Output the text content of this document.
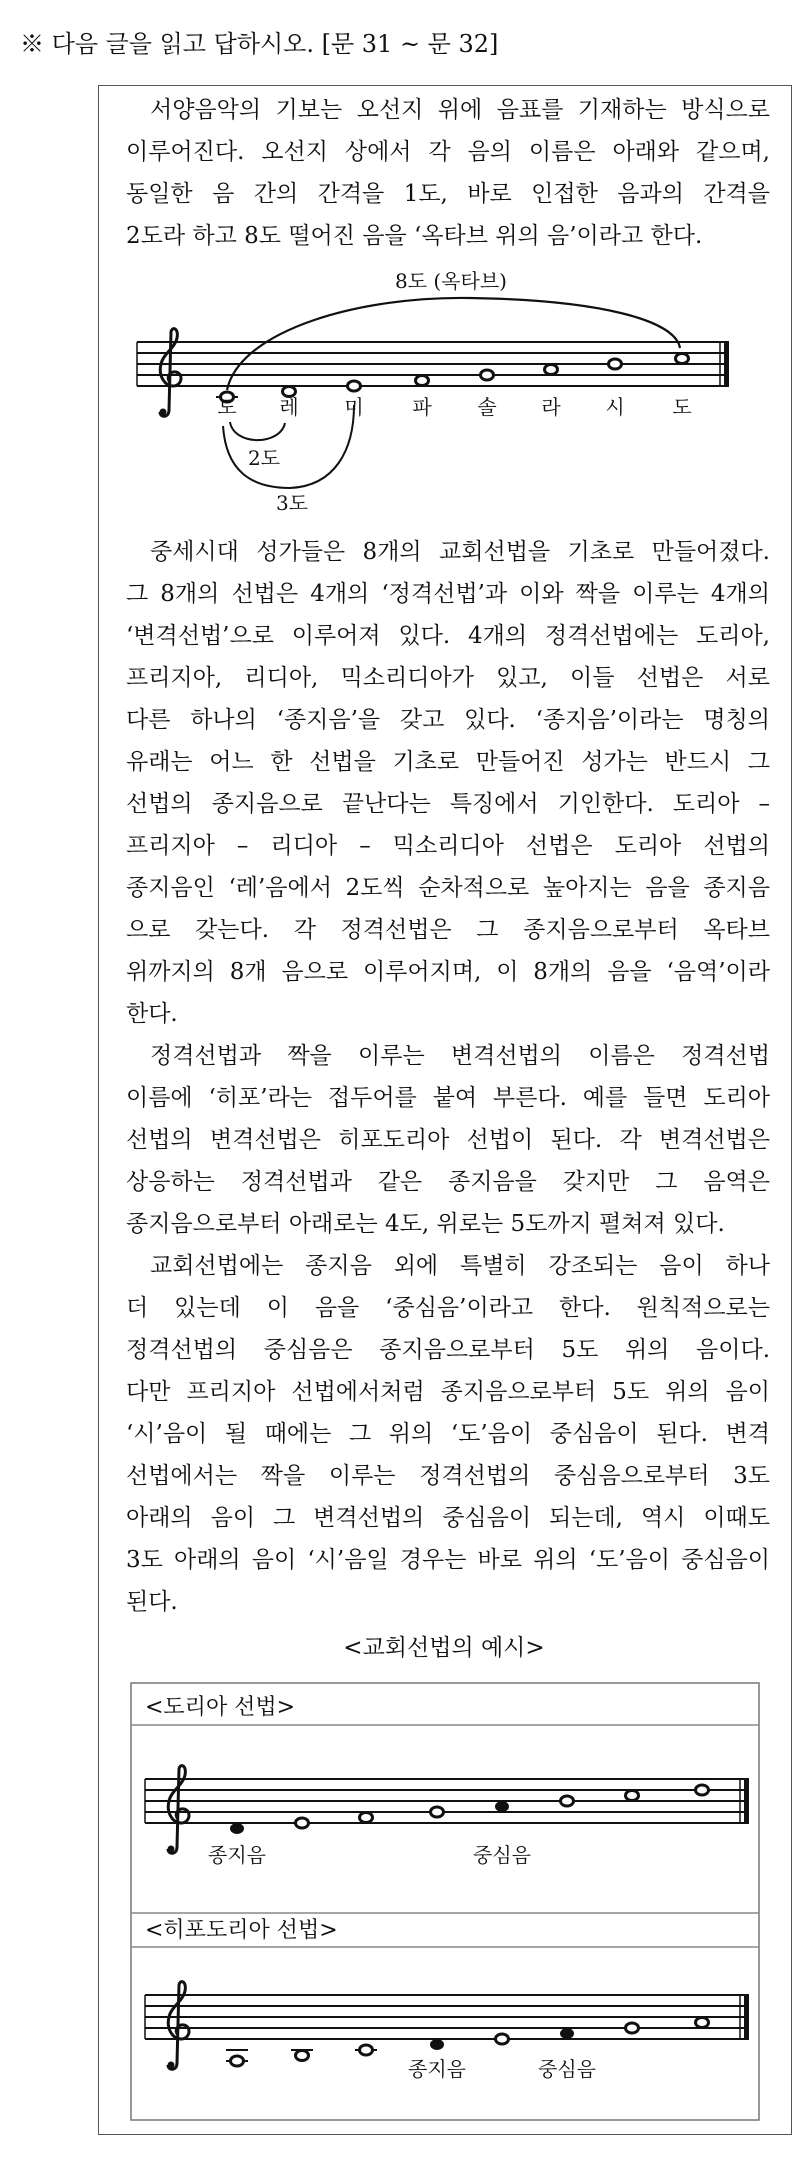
※ 다음 글을 읽고 답하시오. [문 31 ~ 문 32]
서양음악의 기보는 오선지 위에 음표를 기재하는 방식으로
이루어진다. 오선지 상에서 각 음의 이름은 아래와 같으며,
동일한 음 간의 간격을 1도, 바로 인접한 음과의 간격을
2도라 하고 8도 떨어진 음을 ‘옥타브 위의 음’이라고 한다.
중세시대 성가들은 8개의 교회선법을 기초로 만들어졌다.
그 8개의 선법은 4개의 ‘정격선법’과 이와 짝을 이루는 4개의
‘변격선법’으로 이루어져 있다. 4개의 정격선법에는 도리아,
프리지아, 리디아, 믹소리디아가 있고, 이들 선법은 서로
다른 하나의 ‘종지음’을 갖고 있다. ‘종지음’이라는 명칭의
유래는 어느 한 선법을 기초로 만들어진 성가는 반드시 그
선법의 종지음으로 끝난다는 특징에서 기인한다. 도리아 –
프리지아 – 리디아 – 믹소리디아 선법은 도리아 선법의
종지음인 ‘레’음에서 2도씩 순차적으로 높아지는 음을 종지음
으로 갖는다. 각 정격선법은 그 종지음으로부터 옥타브
위까지의 8개 음으로 이루어지며, 이 8개의 음을 ‘음역’이라
한다.
정격선법과 짝을 이루는 변격선법의 이름은 정격선법
이름에 ‘히포’라는 접두어를 붙여 부른다. 예를 들면 도리아
선법의 변격선법은 히포도리아 선법이 된다. 각 변격선법은
상응하는 정격선법과 같은 종지음을 갖지만 그 음역은
종지음으로부터 아래로는 4도, 위로는 5도까지 펼쳐져 있다.
교회선법에는 종지음 외에 특별히 강조되는 음이 하나
더 있는데 이 음을 ‘중심음’이라고 한다. 원칙적으로는
정격선법의 중심음은 종지음으로부터 5도 위의 음이다.
다만 프리지아 선법에서처럼 종지음으로부터 5도 위의 음이
‘시’음이 될 때에는 그 위의 ‘도’음이 중심음이 된다. 변격
선법에서는 짝을 이루는 정격선법의 중심음으로부터 3도
아래의 음이 그 변격선법의 중심음이 되는데, 역시 이때도
3도 아래의 음이 ‘시’음일 경우는 바로 위의 ‘도’음이 중심음이
된다.
8도 (옥타브)
2도
3도
도 레 미 파 솔 라 시 도
<교회선법의 예시>
<도리아 선법>
<히포도리아 선법>
종지음	중심음
종지음	중심음
